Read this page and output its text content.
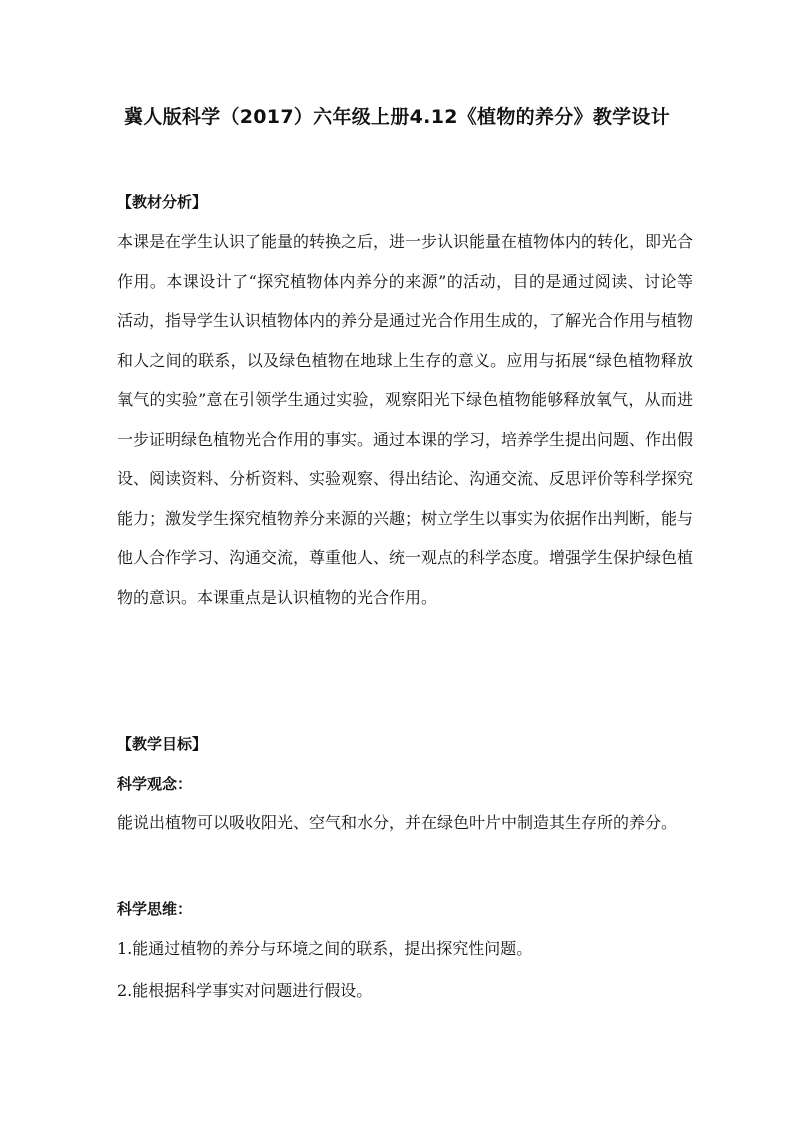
冀人版科学（2017）六年级上册4.12《植物的养分》教学设计
【教材分析】

本课是在学生认识了能量的转换之后，进一步认识能量在植物体内的转化，即光合作用。本课设计了“探究植物体内养分的来源”的活动，目的是通过阅读、讨论等活动，指导学生认识植物体内的养分是通过光合作用生成的，了解光合作用与植物和人之间的联系，以及绿色植物在地球上生存的意义。应用与拓展“绿色植物释放氧气的实验”意在引领学生通过实验，观察阳光下绿色植物能够释放氧气，从而进一步证明绿色植物光合作用的事实。通过本课的学习，培养学生提出问题、作出假设、阅读资料、分析资料、实验观察、得出结论、沟通交流、反思评价等科学探究能力；激发学生探究植物养分来源的兴趣；树立学生以事实为依据作出判断，能与他人合作学习、沟通交流，尊重他人、统一观点的科学态度。增强学生保护绿色植物的意识。本课重点是认识植物的光合作用。

【教学目标】
科学观念：

能说出植物可以吸收阳光、空气和水分，并在绿色叶片中制造其生存所的养分。

科学思维：

1.能通过植物的养分与环境之间的联系，提出探究性问题。

2.能根据科学事实对问题进行假设。
